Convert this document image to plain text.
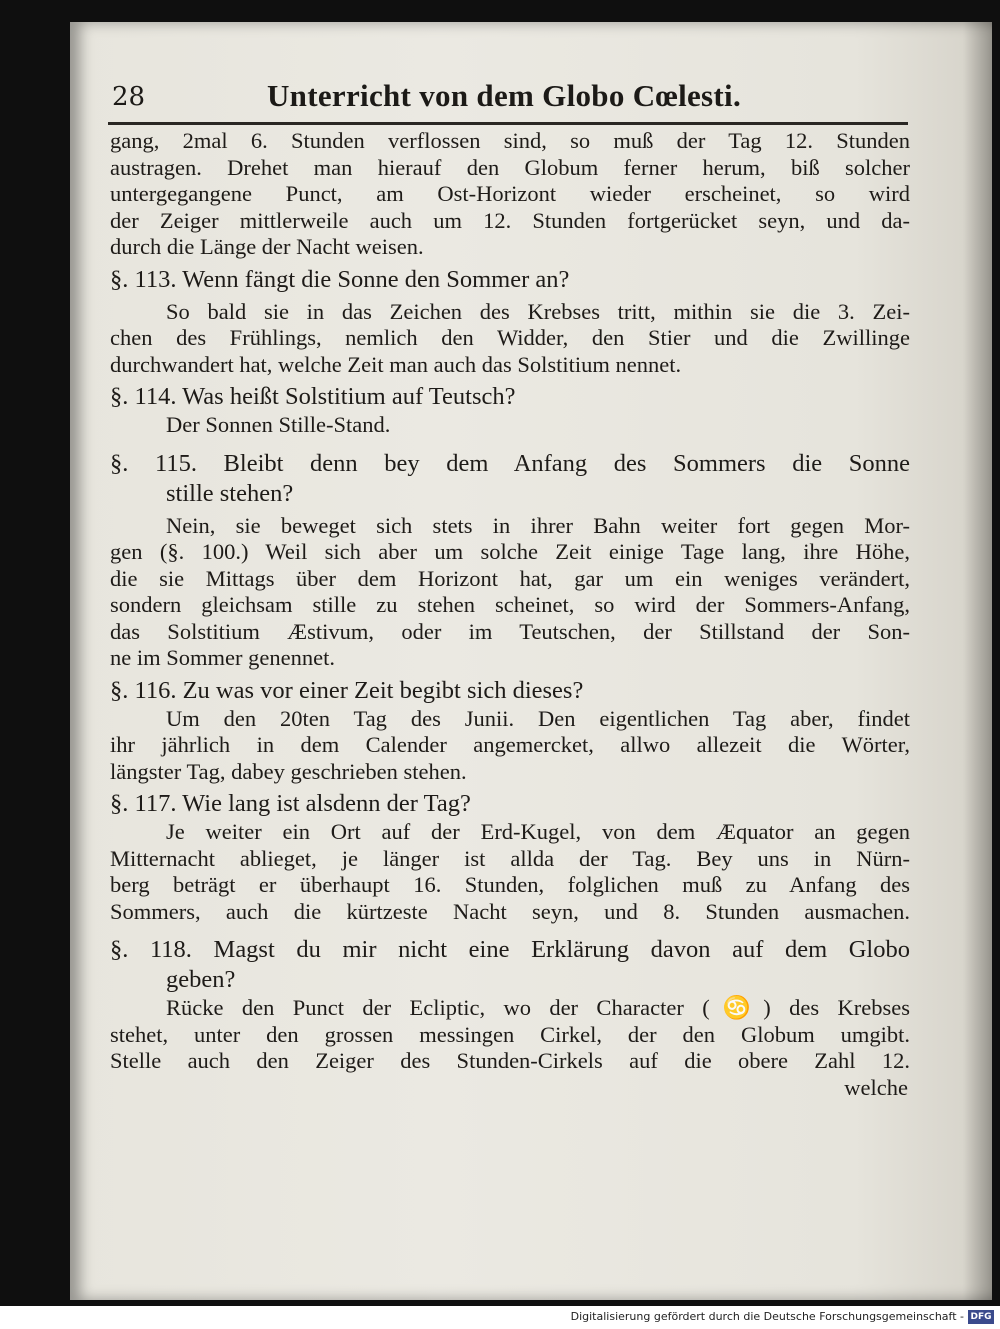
28	Unterricht von dem Globo Cœlesti.
gang, 2mal 6. Stunden verflossen sind, so muß der Tag 12. Stunden
austragen. Drehet man hierauf den Globum ferner herum, biß solcher
untergegangene Punct, am Ost-Horizont wieder erscheinet, so wird
der Zeiger mittlerweile auch um 12. Stunden fortgerücket seyn, und da-
durch die Länge der Nacht weisen.
§. 113. Wenn fängt die Sonne den Sommer an?
So bald sie in das Zeichen des Krebses tritt, mithin sie die 3. Zei-
chen des Frühlings, nemlich den Widder, den Stier und die Zwillinge
durchwandert hat, welche Zeit man auch das Solstitium nennet.
§. 114. Was heißt Solstitium auf Teutsch?
Der Sonnen Stille-Stand.
§. 115. Bleibt denn bey dem Anfang des Sommers die Sonne
stille stehen?
Nein, sie beweget sich stets in ihrer Bahn weiter fort gegen Mor-
gen (§. 100.) Weil sich aber um solche Zeit einige Tage lang, ihre Höhe,
die sie Mittags über dem Horizont hat, gar um ein weniges verändert,
sondern gleichsam stille zu stehen scheinet, so wird der Sommers-Anfang,
das Solstitium Æstivum, oder im Teutschen, der Stillstand der Son-
ne im Sommer genennet.
§. 116. Zu was vor einer Zeit begibt sich dieses?
Um den 20ten Tag des Junii. Den eigentlichen Tag aber, findet
ihr jährlich in dem Calender angemercket, allwo allezeit die Wörter,
längster Tag, dabey geschrieben stehen.
§. 117. Wie lang ist alsdenn der Tag?
Je weiter ein Ort auf der Erd-Kugel, von dem Æquator an gegen
Mitternacht ablieget, je länger ist allda der Tag. Bey uns in Nürn-
berg beträgt er überhaupt 16. Stunden, folglichen muß zu Anfang des
Sommers, auch die kürtzeste Nacht seyn, und 8. Stunden ausmachen.
§. 118. Magst du mir nicht eine Erklärung davon auf dem Globo
geben?
Rücke den Punct der Ecliptic, wo der Character (♋) des Krebses
stehet, unter den grossen messingen Cirkel, der den Globum umgibt.
Stelle auch den Zeiger des Stunden-Cirkels auf die obere Zahl 12.
welche
Digitalisierung gefördert durch die Deutsche Forschungsgemeinschaft - DFG
